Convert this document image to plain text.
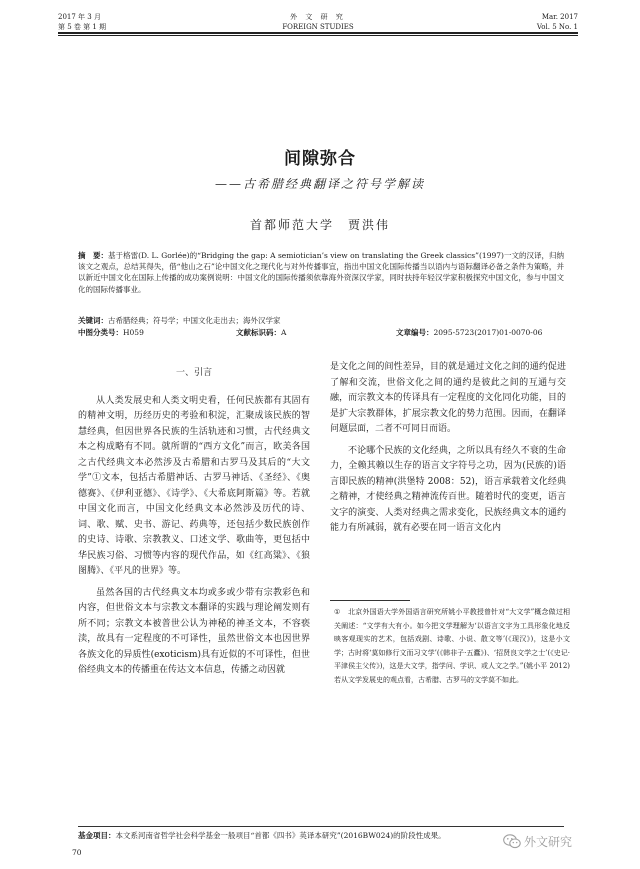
2017 年 3 月
第 5 卷 第 1 期
外 文 研 究
FOREIGN STUDIES
Mar. 2017
Vol. 5 No. 1
间隙弥合
——古希腊经典翻译之符号学解读
首都师范大学　贾洪伟
摘　要：基于格雷(D. L. Gorlée)的“Bridging the gap: A semiotician’s view on translating the Greek classics”(1997)一文的汉译，归纳该文之观点，总结其得失，借“他山之石”论中国文化之现代化与对外传播事宜，指出中国文化国际传播当以语内与语际翻译必备之条件为策略，并以新近中国文化在国际上传播的成功案例说明：中国文化的国际传播须依靠海外资深汉学家，同时扶持年轻汉学家积极探究中国文化，参与中国文化的国际传播事业。
关键词：古希腊经典；符号学；中国文化走出去；海外汉学家
中图分类号：H059	文献标识码：A	文章编号：2095-5723(2017)01-0070-06
一、引言

从人类发展史和人类文明史看，任何民族都有其固有的精神文明，历经历史的考验和积淀，汇聚成该民族的智慧经典，但因世界各民族的生活轨迹和习惯，古代经典文本之构成略有不同。就所谓的“西方文化”而言，欧美各国之古代经典文本必然涉及古希腊和古罗马及其后的“大文学”①文本，包括古希腊神话、古罗马神话、《圣经》、《奥德赛》、《伊利亚德》、《诗学》、《大希底阿斯篇》等。若就中国文化而言，中国文化经典文本必然涉及历代的诗、词、歌、赋、史书、游记、药典等，还包括少数民族创作的史诗、诗歌、宗教教义、口述文学、歌曲等，更包括中华民族习俗、习惯等内容的现代作品，如《红高粱》、《狼图腾》、《平凡的世界》等。

虽然各国的古代经典文本均或多或少带有宗教彩色和内容，但世俗文本与宗教文本翻译的实践与理论阐发则有所不同；宗教文本被普世公认为神秘的神圣文本，不容亵渎，故具有一定程度的不可译性，虽然世俗文本也因世界各族文化的异质性(exoticism)具有近似的不可译性，但世俗经典文本的传播重在传达文本信息，传播之动因就

是文化之间的间性差异，目的就是通过文化之间的通约促进了解和交流，世俗文化之间的通约是彼此之间的互通与交融，而宗教文本的传译具有一定程度的文化同化功能，目的是扩大宗教群体，扩展宗教文化的势力范围。因而，在翻译问题层面，二者不可同日而语。

不论哪个民族的文化经典，之所以具有经久不衰的生命力，全赖其赖以生存的语言文字符号之功，因为(民族的)语言即民族的精神(洪堡特 2008：52)，语言承载着文化经典之精神，才使经典之精神流传百世。随着时代的变更，语言文字的演变、人类对经典之需求变化，民族经典文本的通约能力有所减弱，就有必要在同一语言文化内

① 北京外国语大学外国语言研究所姚小平教授曾针对“大文学”概念做过相关阐述：“文学有大有小。如今把文学理解为‘以语言文字为工具形象化地反映客观现实的艺术，包括戏剧、诗歌、小说、散文等’(《现汉》)，这是小文学；古时将‘莫如修行文而习文学’(《韩非子·五蠹》)、‘招贤良文学之士’(《史记·平津侯主父传》)，这是大文学，指学问、学识、或人文之学。”(姚小平 2012)若从文学发展史的观点看，古希腊、古罗马的文学莫不如此。
基金项目：本文系河南省哲学社会科学基金一般项目“首都《四书》英译本研究”(2016BW024)的阶段性成果。
70
外文研究
